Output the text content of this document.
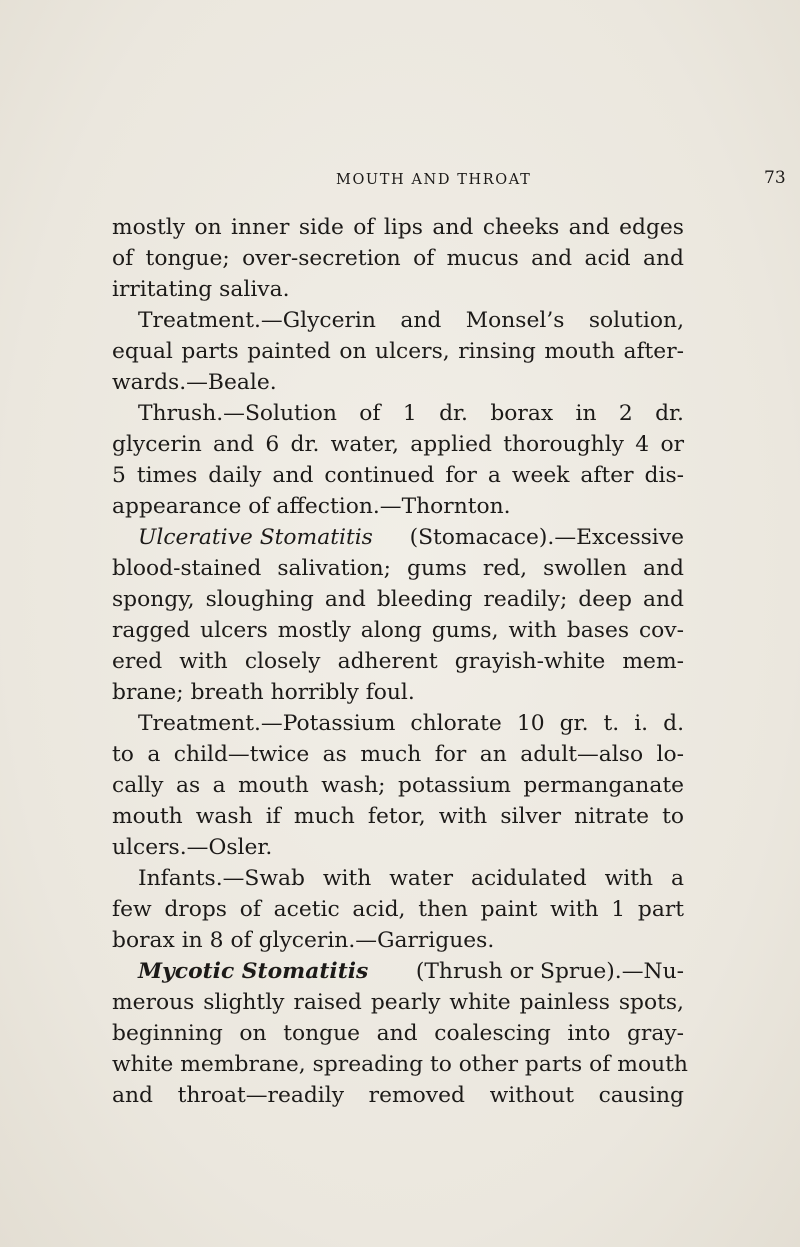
MOUTH AND THROAT	73
mostly on inner side of lips and cheeks and edges
of tongue; over-secretion of mucus and acid and
irritating saliva.
Treatment.—Glycerin and Monsel’s solution,
equal parts painted on ulcers, rinsing mouth after-
wards.—Beale.
Thrush.—Solution of 1 dr. borax in 2 dr.
glycerin and 6 dr. water, applied thoroughly 4 or
5 times daily and continued for a week after dis-
appearance of affection.—Thornton.
Ulcerative Stomatitis (Stomacace).—Excessive
blood-stained salivation; gums red, swollen and
spongy, sloughing and bleeding readily; deep and
ragged ulcers mostly along gums, with bases cov-
ered with closely adherent grayish-white mem-
brane; breath horribly foul.
Treatment.—Potassium chlorate 10 gr. t. i. d.
to a child—twice as much for an adult—also lo-
cally as a mouth wash; potassium permanganate
mouth wash if much fetor, with silver nitrate to
ulcers.—Osler.
Infants.—Swab with water acidulated with a
few drops of acetic acid, then paint with 1 part
borax in 8 of glycerin.—Garrigues.
Mycotic Stomatitis (Thrush or Sprue).—Nu-
merous slightly raised pearly white painless spots,
beginning on tongue and coalescing into gray-
white membrane, spreading to other parts of mouth
and throat—readily removed without causing
